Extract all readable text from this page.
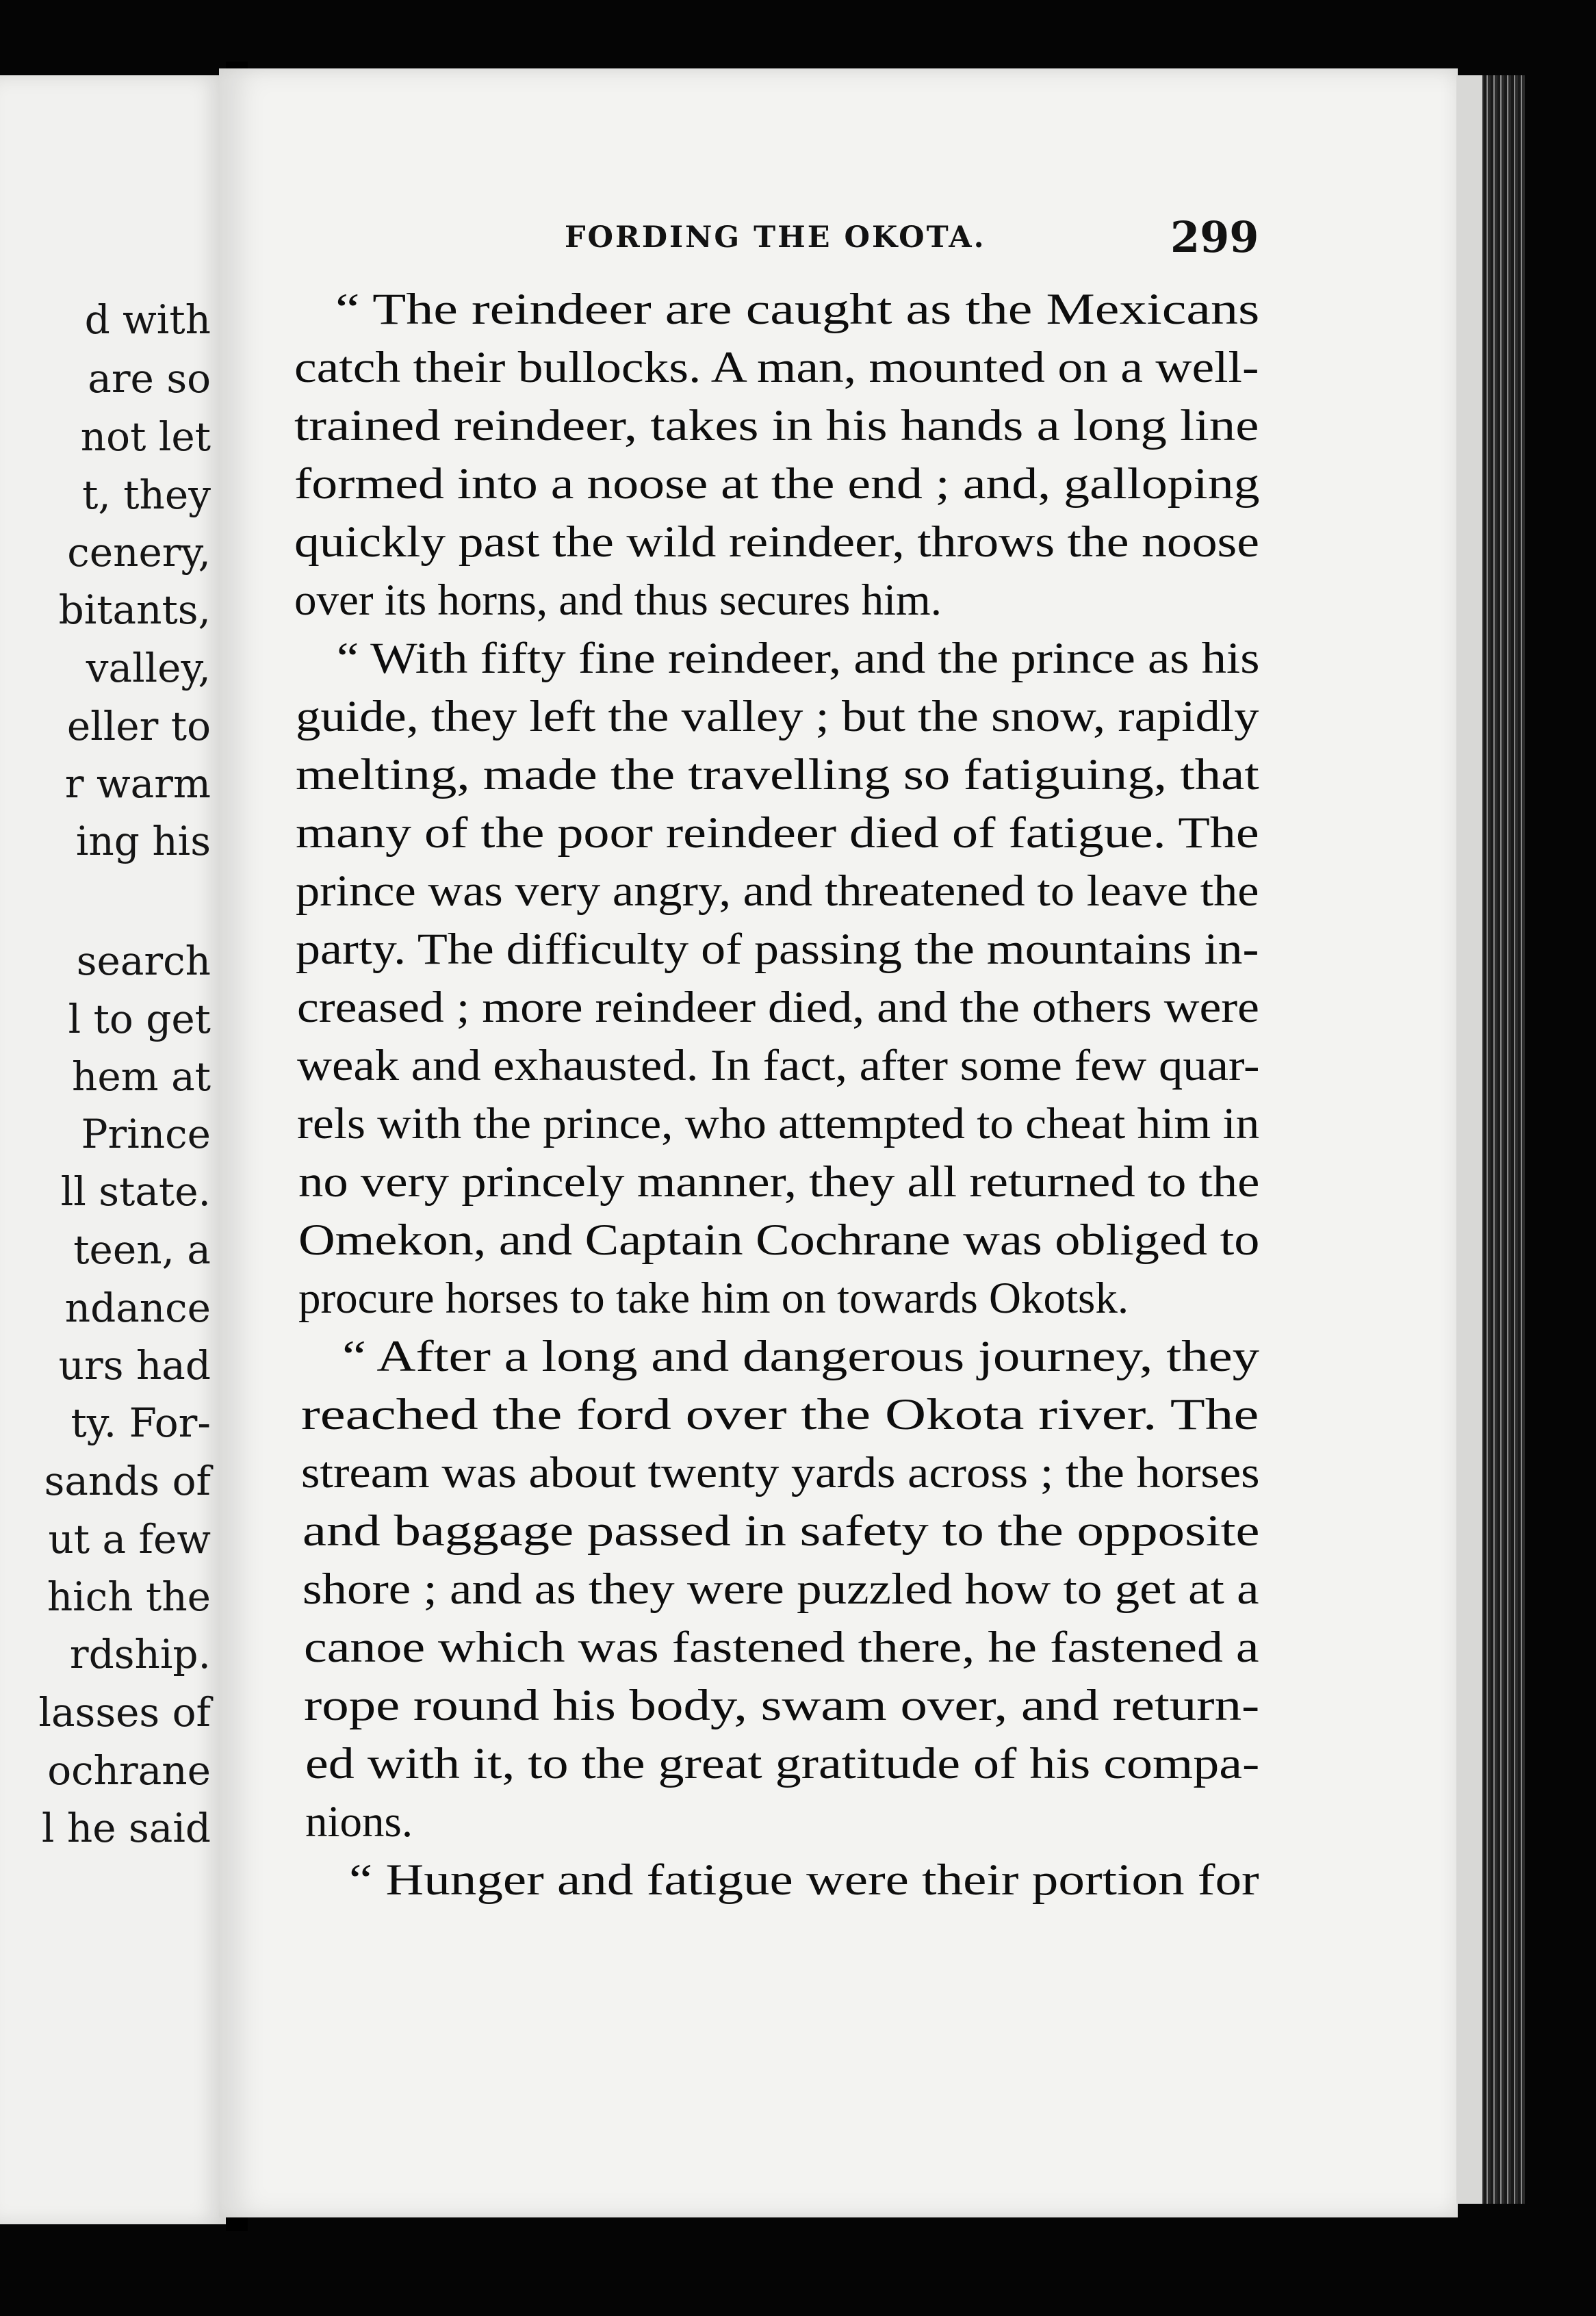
d with
are so
not let
t, they
cenery,
bitants,
valley,
eller to
r warm
ing his
search
l to get
hem at
Prince
ll state.
teen, a
ndance
urs had
ty. For-
sands of
ut a few
hich the
rdship.
lasses of
ochrane
l he said
FORDING THE OKOTA.	299
“ The reindeer are caught as the Mexicans
catch their bullocks. A man, mounted on a well-
trained reindeer, takes in his hands a long line
formed into a noose at the end ; and, galloping
quickly past the wild reindeer, throws the noose
over its horns, and thus secures him.
“ With fifty fine reindeer, and the prince as his
guide, they left the valley ; but the snow, rapidly
melting, made the travelling so fatiguing, that
many of the poor reindeer died of fatigue. The
prince was very angry, and threatened to leave the
party. The difficulty of passing the mountains in-
creased ; more reindeer died, and the others were
weak and exhausted. In fact, after some few quar-
rels with the prince, who attempted to cheat him in
no very princely manner, they all returned to the
Omekon, and Captain Cochrane was obliged to
procure horses to take him on towards Okotsk.
“ After a long and dangerous journey, they
reached the ford over the Okota river. The
stream was about twenty yards across ; the horses
and baggage passed in safety to the opposite
shore ; and as they were puzzled how to get at a
canoe which was fastened there, he fastened a
rope round his body, swam over, and return-
ed with it, to the great gratitude of his compa-
nions.
“ Hunger and fatigue were their portion for
